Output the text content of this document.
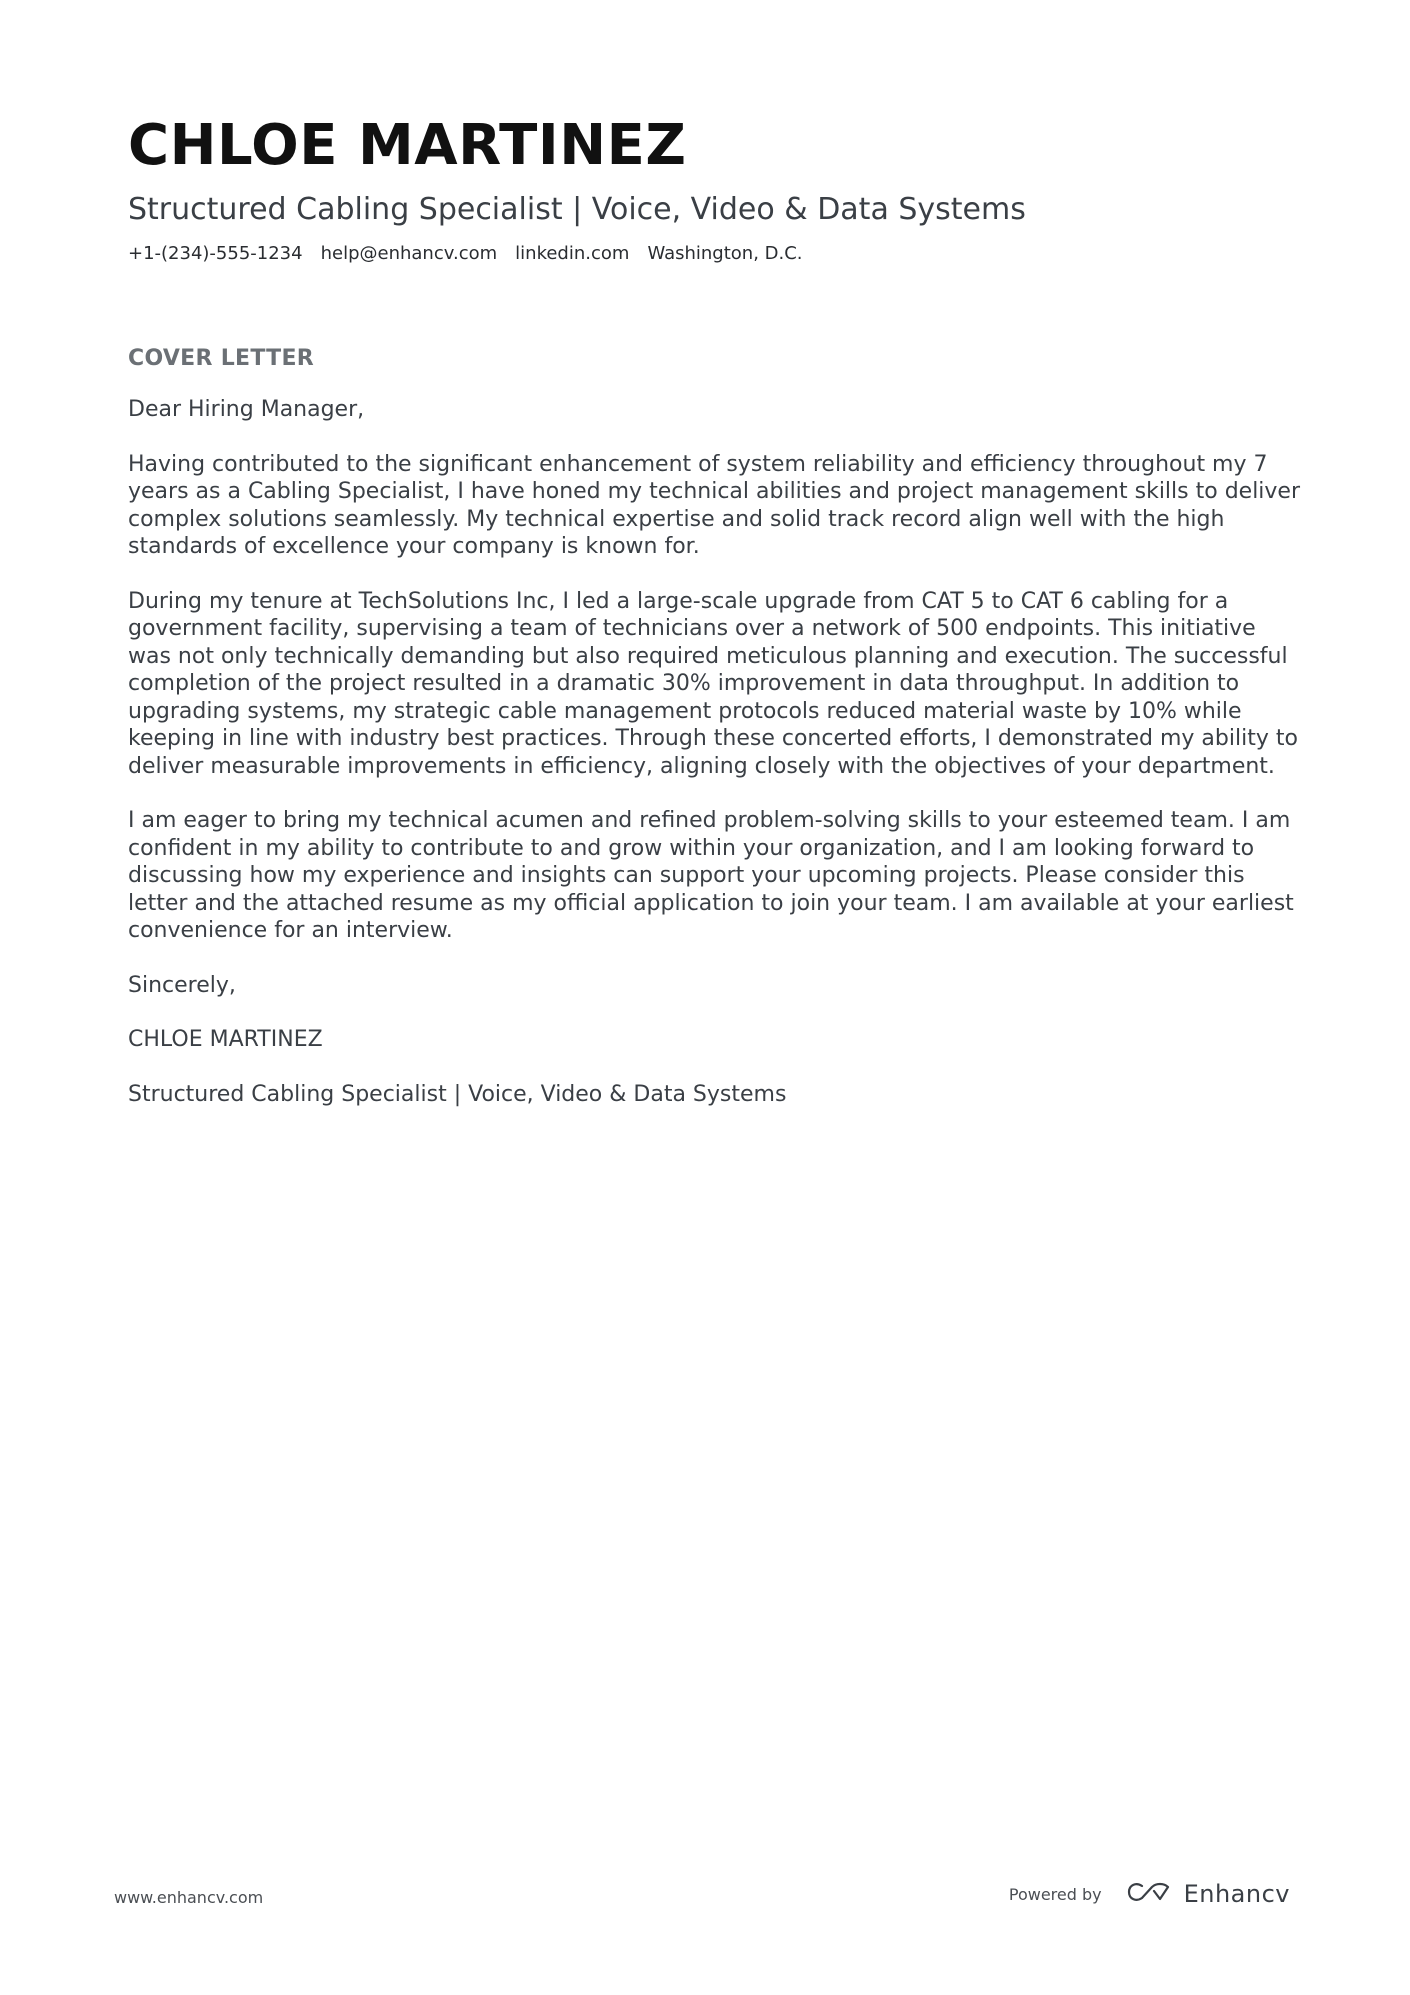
CHLOE MARTINEZ
Structured Cabling Specialist | Voice, Video & Data Systems
+1-(234)-555-1234 help@enhancv.com linkedin.com Washington, D.C.
COVER LETTER

Dear Hiring Manager,

Having contributed to the significant enhancement of system reliability and efficiency throughout my 7 years as a Cabling Specialist, I have honed my technical abilities and project management skills to deliver complex solutions seamlessly. My technical expertise and solid track record align well with the high standards of excellence your company is known for.

During my tenure at TechSolutions Inc, I led a large-scale upgrade from CAT 5 to CAT 6 cabling for a government facility, supervising a team of technicians over a network of 500 endpoints. This initiative was not only technically demanding but also required meticulous planning and execution. The successful completion of the project resulted in a dramatic 30% improvement in data throughput. In addition to upgrading systems, my strategic cable management protocols reduced material waste by 10% while keeping in line with industry best practices. Through these concerted efforts, I demonstrated my ability to deliver measurable improvements in efficiency, aligning closely with the objectives of your department.

I am eager to bring my technical acumen and refined problem-solving skills to your esteemed team. I am confident in my ability to contribute to and grow within your organization, and I am looking forward to discussing how my experience and insights can support your upcoming projects. Please consider this letter and the attached resume as my official application to join your team. I am available at your earliest convenience for an interview.

Sincerely,

CHLOE MARTINEZ

Structured Cabling Specialist | Voice, Video & Data Systems

www.enhancv.com	Powered by	Enhancv
